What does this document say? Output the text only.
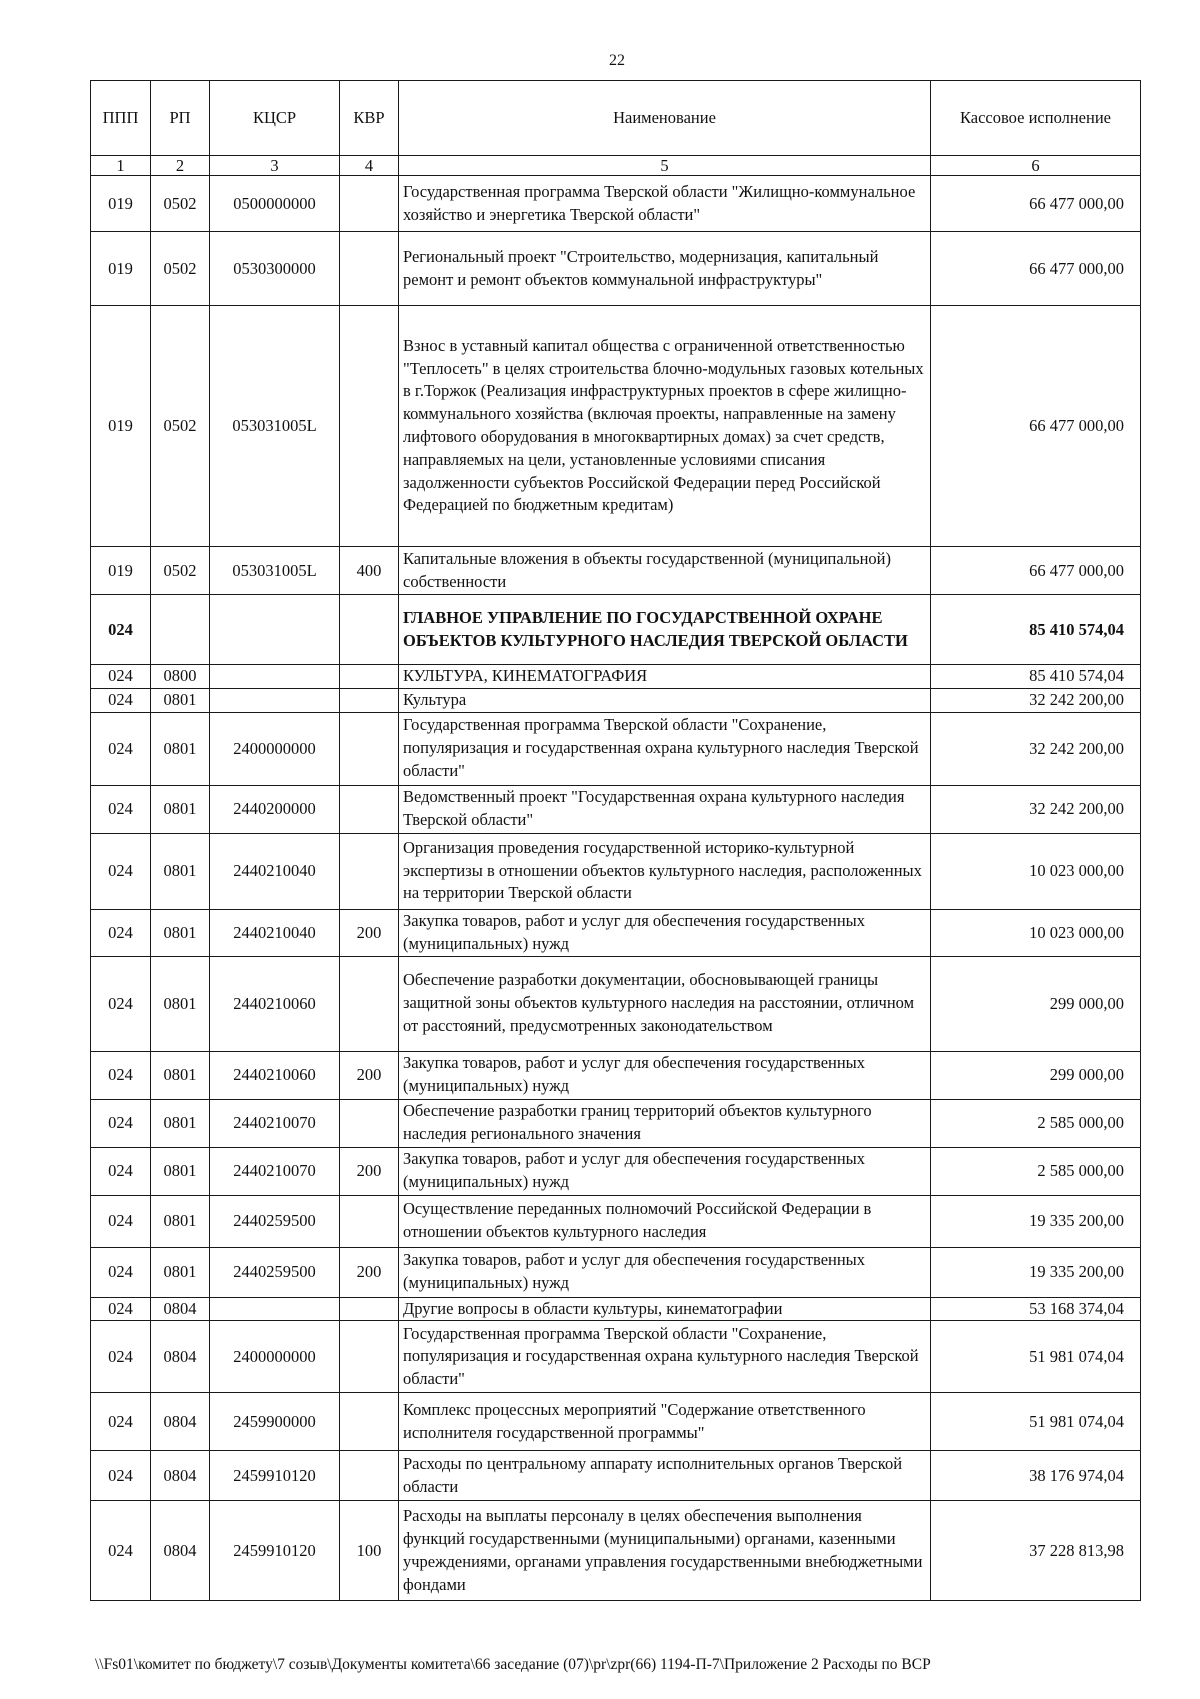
22
ППП	РП	КЦСР	КВР	Наименование	Кассовое исполнение
1	2	3	4	5	6
019	0502	0500000000		Государственная программа Тверской области "Жилищно-коммунальное хозяйство и энергетика Тверской области"	66 477 000,00
019	0502	0530300000		Региональный проект "Строительство, модернизация, капитальный ремонт и ремонт объектов коммунальной инфраструктуры"	66 477 000,00
019	0502	053031005L		Взнос в уставный капитал общества с ограниченной ответственностью "Теплосеть" в целях строительства блочно-модульных газовых котельных в г.Торжок (Реализация инфраструктурных проектов в сфере жилищно-коммунального хозяйства (включая проекты, направленные на замену лифтового оборудования в многоквартирных домах) за счет средств, направляемых на цели, установленные условиями списания задолженности субъектов Российской Федерации перед Российской Федерацией по бюджетным кредитам)	66 477 000,00
019	0502	053031005L	400	Капитальные вложения в объекты государственной (муниципальной) собственности	66 477 000,00
024				ГЛАВНОЕ УПРАВЛЕНИЕ ПО ГОСУДАРСТВЕННОЙ ОХРАНЕ ОБЪЕКТОВ КУЛЬТУРНОГО НАСЛЕДИЯ ТВЕРСКОЙ ОБЛАСТИ	85 410 574,04
024	0800			КУЛЬТУРА, КИНЕМАТОГРАФИЯ	85 410 574,04
024	0801			Культура	32 242 200,00
024	0801	2400000000		Государственная программа Тверской области "Сохранение, популяризация и государственная охрана культурного наследия Тверской области"	32 242 200,00
024	0801	2440200000		Ведомственный проект "Государственная охрана культурного наследия Тверской области"	32 242 200,00
024	0801	2440210040		Организация проведения государственной историко-культурной экспертизы в отношении объектов культурного наследия, расположенных на территории Тверской области	10 023 000,00
024	0801	2440210040	200	Закупка товаров, работ и услуг для обеспечения государственных (муниципальных) нужд	10 023 000,00
024	0801	2440210060		Обеспечение разработки документации, обосновывающей границы защитной зоны объектов культурного наследия на расстоянии, отличном от расстояний, предусмотренных законодательством	299 000,00
024	0801	2440210060	200	Закупка товаров, работ и услуг для обеспечения государственных (муниципальных) нужд	299 000,00
024	0801	2440210070		Обеспечение разработки границ территорий объектов культурного наследия регионального значения	2 585 000,00
024	0801	2440210070	200	Закупка товаров, работ и услуг для обеспечения государственных (муниципальных) нужд	2 585 000,00
024	0801	2440259500		Осуществление переданных полномочий Российской Федерации в отношении объектов культурного наследия	19 335 200,00
024	0801	2440259500	200	Закупка товаров, работ и услуг для обеспечения государственных (муниципальных) нужд	19 335 200,00
024	0804			Другие вопросы в области культуры, кинематографии	53 168 374,04
024	0804	2400000000		Государственная программа Тверской области "Сохранение, популяризация и государственная охрана культурного наследия Тверской области"	51 981 074,04
024	0804	2459900000		Комплекс процессных мероприятий "Содержание ответственного исполнителя государственной программы"	51 981 074,04
024	0804	2459910120		Расходы по центральному аппарату исполнительных органов Тверской области	38 176 974,04
024	0804	2459910120	100	Расходы на выплаты персоналу в целях обеспечения выполнения функций государственными (муниципальными) органами, казенными учреждениями, органами управления государственными внебюджетными фондами	37 228 813,98
\\Fs01\комитет по бюджету\7 созыв\Документы комитета\66 заседание (07)\pr\zpr(66) 1194-П-7\Приложение 2 Расходы по ВСР
